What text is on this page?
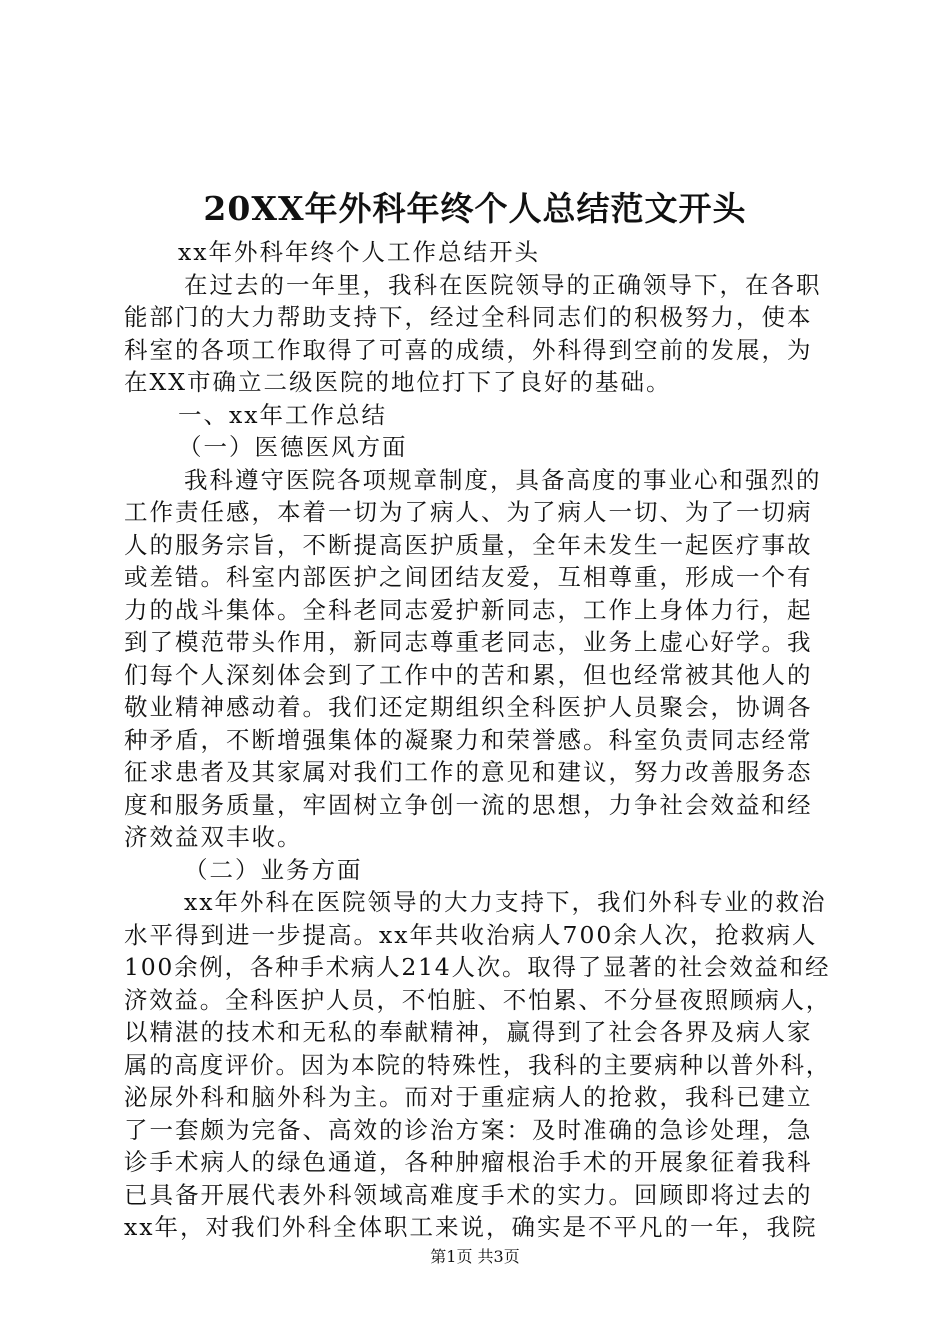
20XX年外科年终个人总结范文开头
xx年外科年终个人工作总结开头
在过去的一年里，我科在医院领导的正确领导下，在各职
能部门的大力帮助支持下，经过全科同志们的积极努力，使本
科室的各项工作取得了可喜的成绩，外科得到空前的发展，为
在XX市确立二级医院的地位打下了良好的基础。
一、xx年工作总结
（一）医德医风方面
我科遵守医院各项规章制度，具备高度的事业心和强烈的
工作责任感，本着一切为了病人、为了病人一切、为了一切病
人的服务宗旨，不断提高医护质量，全年未发生一起医疗事故
或差错。科室内部医护之间团结友爱，互相尊重，形成一个有
力的战斗集体。全科老同志爱护新同志，工作上身体力行，起
到了模范带头作用，新同志尊重老同志，业务上虚心好学。我
们每个人深刻体会到了工作中的苦和累，但也经常被其他人的
敬业精神感动着。我们还定期组织全科医护人员聚会，协调各
种矛盾，不断增强集体的凝聚力和荣誉感。科室负责同志经常
征求患者及其家属对我们工作的意见和建议，努力改善服务态
度和服务质量，牢固树立争创一流的思想，力争社会效益和经
济效益双丰收。
（二）业务方面
xx年外科在医院领导的大力支持下，我们外科专业的救治
水平得到进一步提高。xx年共收治病人700余人次，抢救病人
100余例，各种手术病人214人次。取得了显著的社会效益和经
济效益。全科医护人员，不怕脏、不怕累、不分昼夜照顾病人，
以精湛的技术和无私的奉献精神，赢得到了社会各界及病人家
属的高度评价。因为本院的特殊性，我科的主要病种以普外科，
泌尿外科和脑外科为主。而对于重症病人的抢救，我科已建立
了一套颇为完备、高效的诊治方案：及时准确的急诊处理，急
诊手术病人的绿色通道，各种肿瘤根治手术的开展象征着我科
已具备开展代表外科领域高难度手术的实力。回顾即将过去的
xx年，对我们外科全体职工来说，确实是不平凡的一年，我院
第1页 共3页
